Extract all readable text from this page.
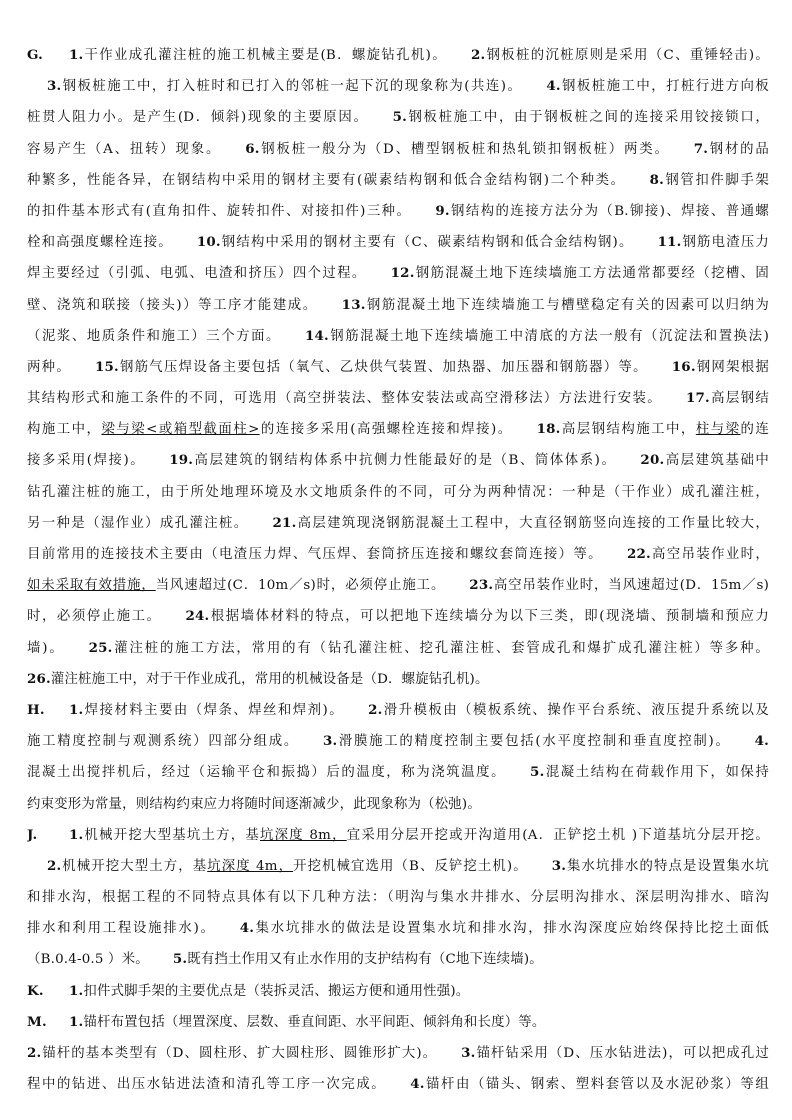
G. 1.干作业成孔灌注桩的施工机械主要是(B．螺旋钻孔机)。 2.钢板桩的沉桩原则是采用（C、重锤轻击)。
3.钢板桩施工中，打入桩时和已打入的邻桩一起下沉的现象称为(共连)。 4.钢板桩施工中，打桩行进方向板
桩贯人阻力小。是产生(D．倾斜)现象的主要原因。 5.钢板桩施工中，由于钢板桩之间的连接采用铰接锁口，
容易产生（A、扭转）现象。 6.钢板桩一般分为（D、槽型钢板桩和热轧锁扣钢板桩）两类。 7.钢材的品
种繁多，性能各异，在钢结构中采用的钢材主要有(碳素结构钢和低合金结构钢)二个种类。 8.钢管扣件脚手架
的扣件基本形式有(直角扣件、旋转扣件、对接扣件)三种。 9.钢结构的连接方法分为（B.铆接)、焊接、普通螺
栓和高强度螺栓连接。 10.钢结构中采用的钢材主要有（C、碳素结构钢和低合金结构钢)。 11.钢筋电渣压力
焊主要经过（引弧、电弧、电渣和挤压）四个过程。 12.钢筋混凝土地下连续墙施工方法通常都要经（挖槽、固
壁、浇筑和联接（接头)）等工序才能建成。 13.钢筋混凝土地下连续墙施工与槽壁稳定有关的因素可以归纳为
（泥浆、地质条件和施工）三个方面。 14.钢筋混凝土地下连续墙施工中清底的方法一般有（沉淀法和置换法)
两种。 15.钢筋气压焊设备主要包括（氧气、乙炔供气装置、加热器、加压器和钢筋器）等。 16.钢网架根据
其结构形式和施工条件的不同，可选用（高空拼装法、整体安装法或高空滑移法）方法进行安装。 17.高层钢结
构施工中，梁与梁<或箱型截面柱>的连接多采用(高强螺栓连接和焊接)。 18.高层钢结构施工中，柱与梁的连
接多采用(焊接)。 19.高层建筑的钢结构体系中抗侧力性能最好的是（B、筒体体系)。 20.高层建筑基础中
钻孔灌注桩的施工，由于所处地理环境及水文地质条件的不同，可分为两种情况：一种是（干作业）成孔灌注桩，
另一种是（湿作业）成孔灌注桩。 21.高层建筑现浇钢筋混凝土工程中，大直径钢筋竖向连接的工作量比较大，
目前常用的连接技术主要由（电渣压力焊、气压焊、套筒挤压连接和螺纹套筒连接）等。 22.高空吊装作业时，
如未采取有效措施，当风速超过(C．10m／s)时，必须停止施工。 23.高空吊装作业时，当风速超过(D．15m／s)
时，必须停止施工。 24.根据墙体材料的特点，可以把地下连续墙分为以下三类，即(现浇墙、预制墙和预应力
墙)。 25.灌注桩的施工方法，常用的有（钻孔灌注桩、挖孔灌注桩、套管成孔和爆扩成孔灌注桩）等多种。
26.灌注桩施工中，对于干作业成孔，常用的机械设备是（D．螺旋钻孔机)。
H. 1.焊接材料主要由（焊条、焊丝和焊剂)。 2.滑升模板由（模板系统、操作平台系统、液压提升系统以及
施工精度控制与观测系统）四部分组成。 3.滑膜施工的精度控制主要包括(水平度控制和垂直度控制)。 4.
混凝土出搅拌机后，经过（运输平仓和振捣）后的温度，称为浇筑温度。 5.混凝土结构在荷载作用下，如保持
约束变形为常量，则结构约束应力将随时间逐渐减少，此现象称为（松弛)。
J. 1.机械开挖大型基坑土方，基坑深度 8m，宜采用分层开挖或开沟道用(A．正铲挖土机 )下道基坑分层开挖。
2.机械开挖大型土方，基坑深度 4m，开挖机械宜选用（B、反铲挖土机)。 3.集水坑排水的特点是设置集水坑
和排水沟，根据工程的不同特点具体有以下几种方法：（明沟与集水井排水、分层明沟排水、深层明沟排水、暗沟
排水和利用工程设施排水)。 4.集水坑排水的做法是设置集水坑和排水沟，排水沟深度应始终保持比挖土面低
（B.0.4-0.5 ）米。 5.既有挡土作用又有止水作用的支护结构有（C地下连续墙)。
K. 1.扣件式脚手架的主要优点是（装拆灵活、搬运方便和通用性强)。
M. 1.锚杆布置包括（埋置深度、层数、垂直间距、水平间距、倾斜角和长度）等。
2.锚杆的基本类型有（D、圆柱形、扩大圆柱形、圆锥形扩大)。 3.锚杆钻采用（D、压水钻进法)，可以把成孔过
程中的钻进、出压水钻进法渣和清孔等工序一次完成。 4.锚杆由（锚头、钢索、塑料套管以及水泥砂浆）等组
